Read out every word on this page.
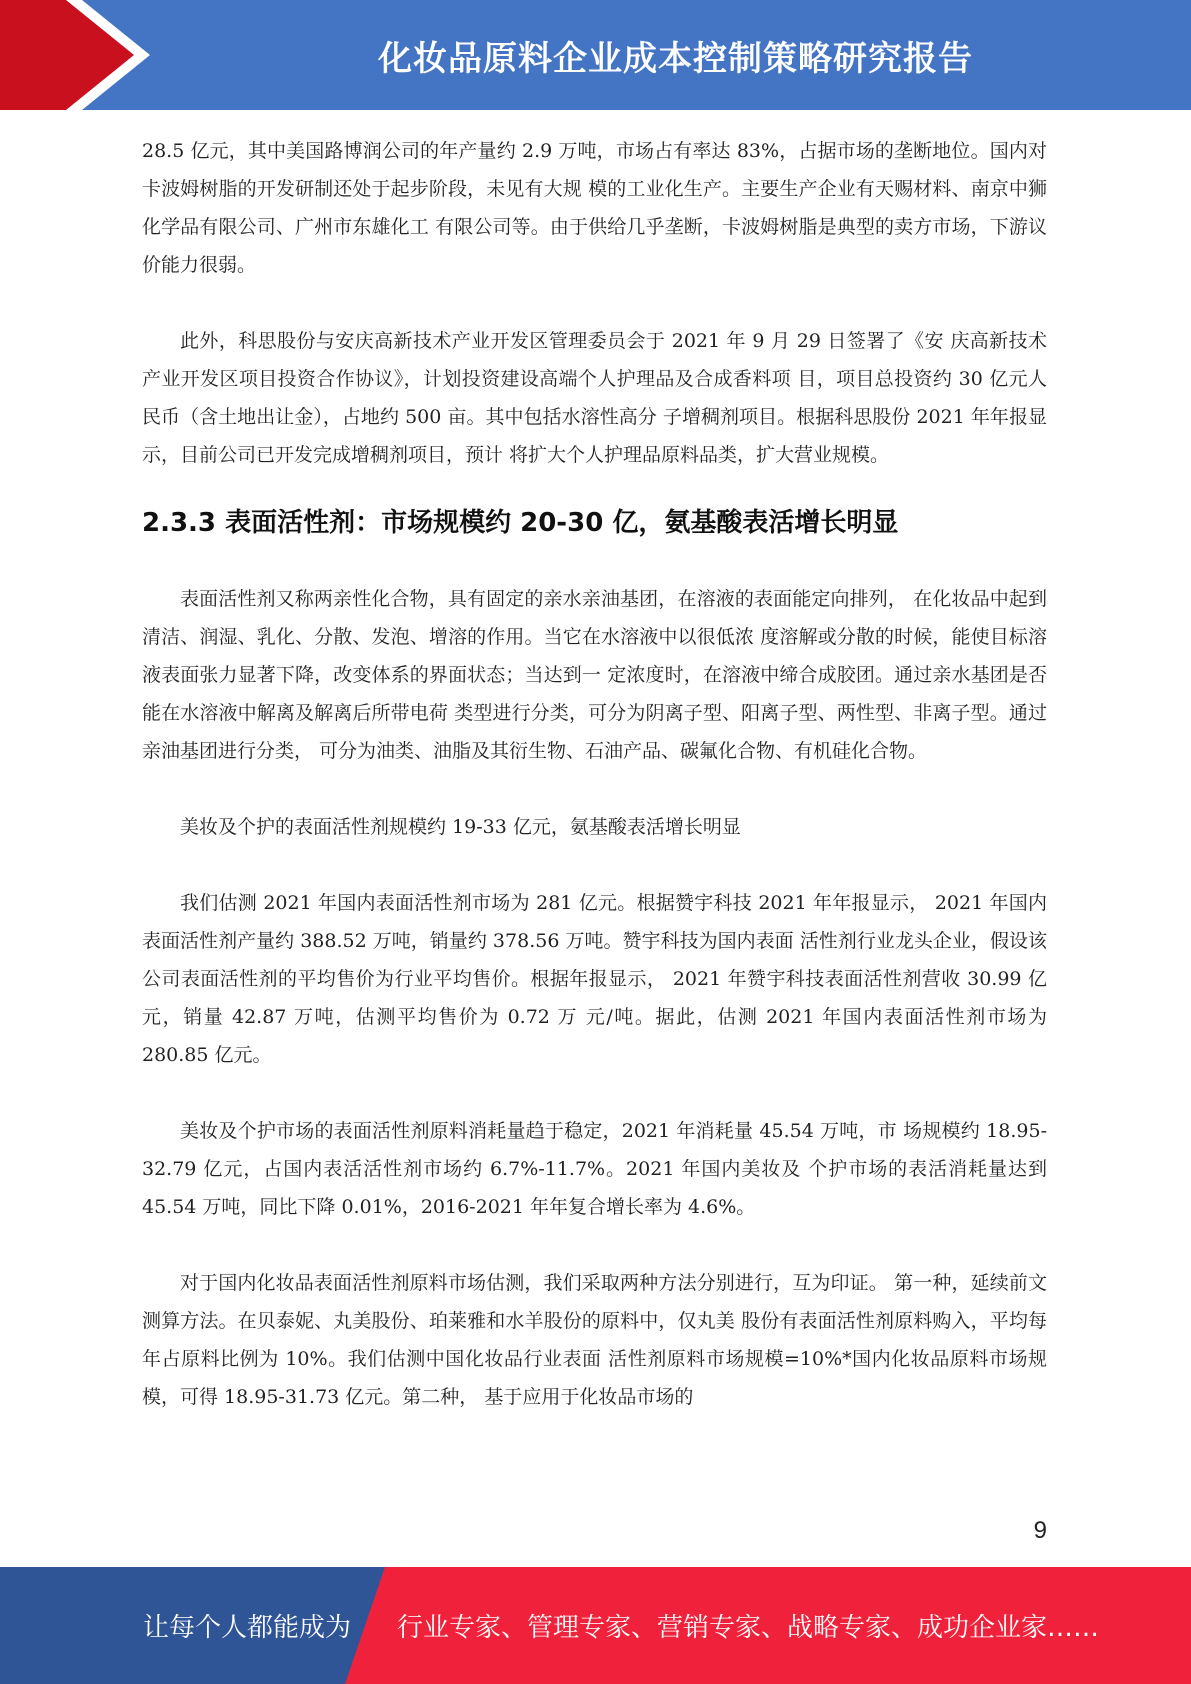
化妆品原料企业成本控制策略研究报告

28.5 亿元，其中美国路博润公司的年产量约 2.9 万吨，市场占有率达 83%，占据市场的垄断地位。国内对卡波姆树脂的开发研制还处于起步阶段，未见有大规 模的工业化生产。主要生产企业有天赐材料、南京中狮化学品有限公司、广州市东雄化工 有限公司等。由于供给几乎垄断，卡波姆树脂是典型的卖方市场，下游议价能力很弱。

此外，科思股份与安庆高新技术产业开发区管理委员会于 2021 年 9 月 29 日签署了《安 庆高新技术产业开发区项目投资合作协议》，计划投资建设高端个人护理品及合成香料项 目，项目总投资约 30 亿元人民币（含土地出让金），占地约 500 亩。其中包括水溶性高分 子增稠剂项目。根据科思股份 2021 年年报显示，目前公司已开发完成增稠剂项目，预计 将扩大个人护理品原料品类，扩大营业规模。

2.3.3 表面活性剂：市场规模约 20-30 亿，氨基酸表活增长明显

表面活性剂又称两亲性化合物，具有固定的亲水亲油基团，在溶液的表面能定向排列， 在化妆品中起到清洁、润湿、乳化、分散、发泡、增溶的作用。当它在水溶液中以很低浓 度溶解或分散的时候，能使目标溶液表面张力显著下降，改变体系的界面状态；当达到一 定浓度时，在溶液中缔合成胶团。通过亲水基团是否能在水溶液中解离及解离后所带电荷 类型进行分类，可分为阴离子型、阳离子型、两性型、非离子型。通过亲油基团进行分类， 可分为油类、油脂及其衍生物、石油产品、碳氟化合物、有机硅化合物。

美妆及个护的表面活性剂规模约 19-33 亿元，氨基酸表活增长明显

我们估测 2021 年国内表面活性剂市场为 281 亿元。根据赞宇科技 2021 年年报显示， 2021 年国内表面活性剂产量约 388.52 万吨，销量约 378.56 万吨。赞宇科技为国内表面 活性剂行业龙头企业，假设该公司表面活性剂的平均售价为行业平均售价。根据年报显示， 2021 年赞宇科技表面活性剂营收 30.99 亿元，销量 42.87 万吨，估测平均售价为 0.72 万 元/吨。据此，估测 2021 年国内表面活性剂市场为 280.85 亿元。

美妆及个护市场的表面活性剂原料消耗量趋于稳定，2021 年消耗量 45.54 万吨，市 场规模约 18.95-32.79 亿元，占国内表活活性剂市场约 6.7%-11.7%。2021 年国内美妆及 个护市场的表活消耗量达到 45.54 万吨，同比下降 0.01%，2016-2021 年年复合增长率为 4.6%。

对于国内化妆品表面活性剂原料市场估测，我们采取两种方法分别进行，互为印证。 第一种，延续前文测算方法。在贝泰妮、丸美股份、珀莱雅和水羊股份的原料中，仅丸美 股份有表面活性剂原料购入，平均每年占原料比例为 10%。我们估测中国化妆品行业表面 活性剂原料市场规模=10%*国内化妆品原料市场规模，可得 18.95-31.73 亿元。第二种， 基于应用于化妆品市场的

9
让每个人都能成为 行业专家、管理专家、营销专家、战略专家、成功企业家……
